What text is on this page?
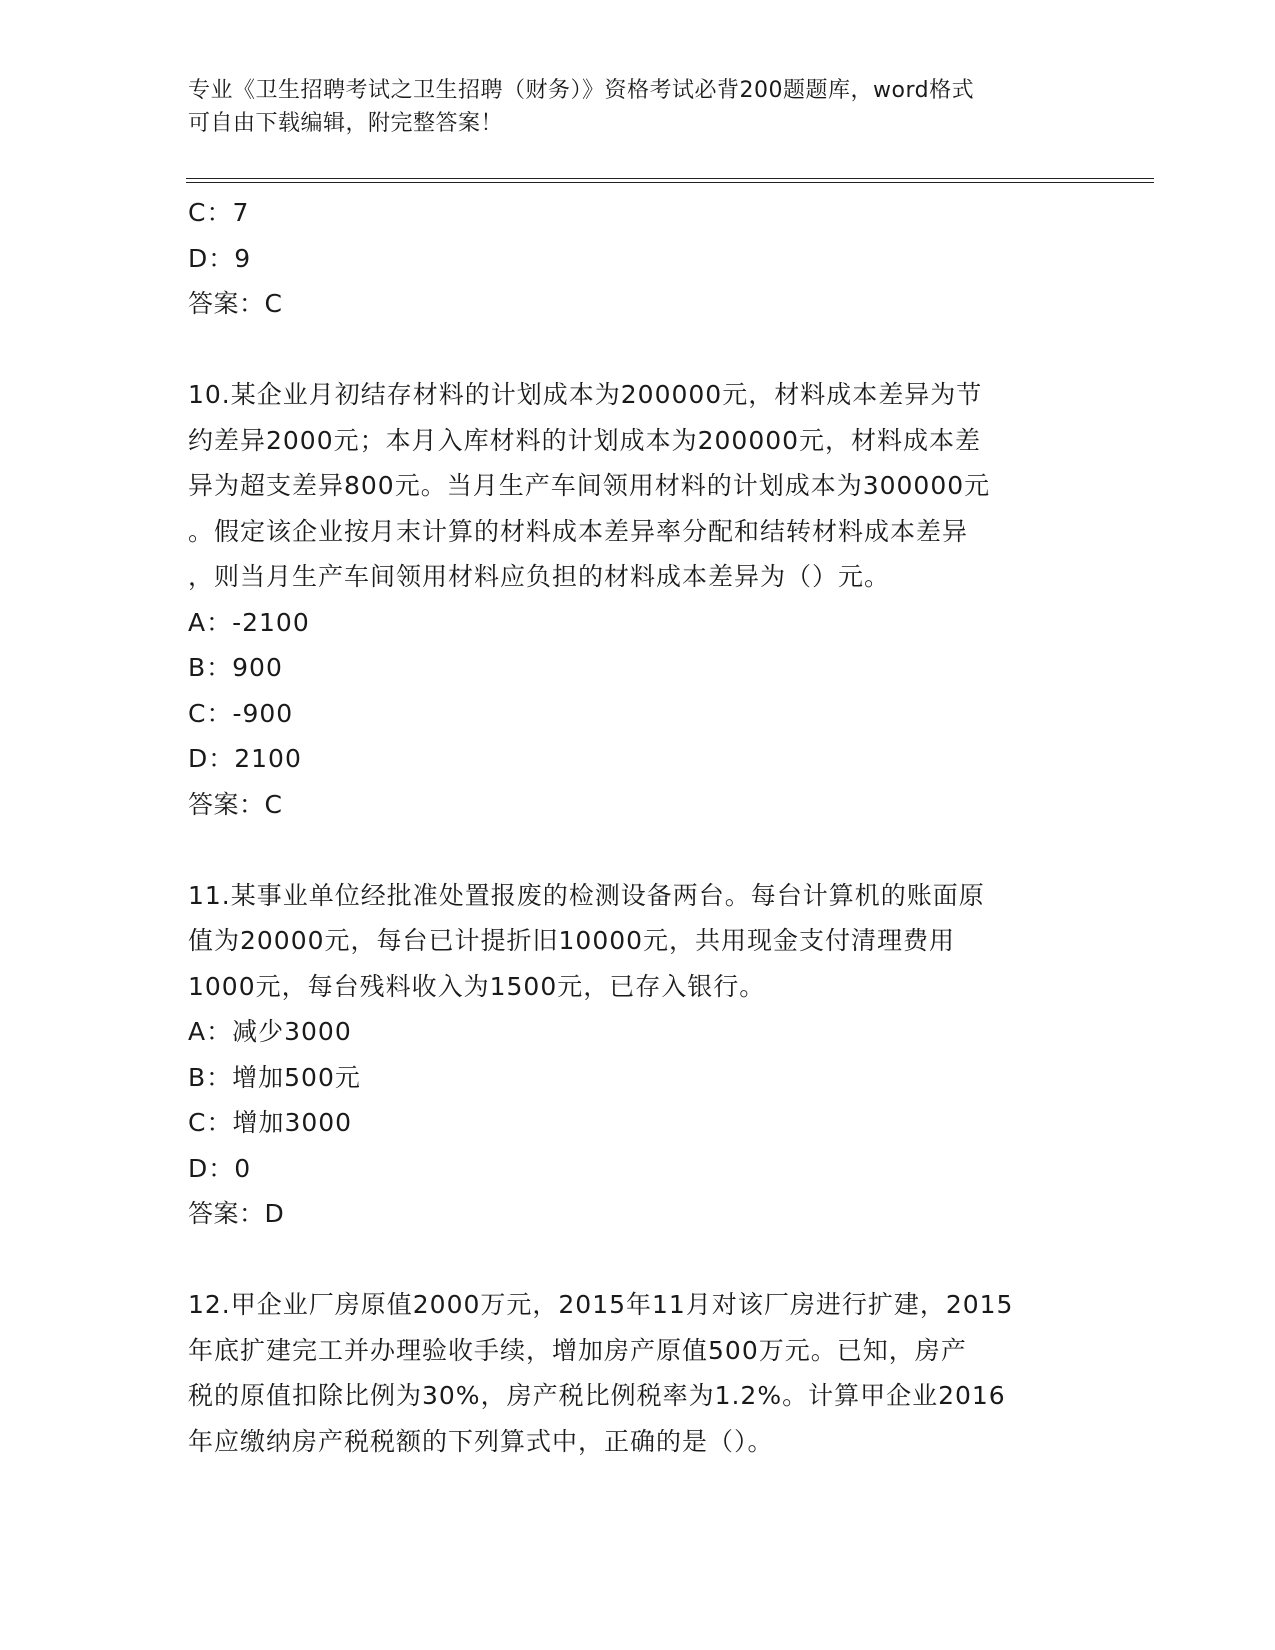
专业《卫生招聘考试之卫生招聘（财务）》资格考试必背200题题库，word格式
可自由下载编辑，附完整答案！
C：7
D：9
答案：C
10.某企业月初结存材料的计划成本为200000元，材料成本差异为节
约差异2000元；本月入库材料的计划成本为200000元，材料成本差
异为超支差异800元。当月生产车间领用材料的计划成本为300000元
。假定该企业按月末计算的材料成本差异率分配和结转材料成本差异
，则当月生产车间领用材料应负担的材料成本差异为（）元。
A：-2100
B：900
C：-900
D：2100
答案：C
11.某事业单位经批准处置报废的检测设备两台。每台计算机的账面原
值为20000元，每台已计提折旧10000元，共用现金支付清理费用
1000元，每台残料收入为1500元，已存入银行。
A：减少3000
B：增加500元
C：增加3000
D：0
答案：D
12.甲企业厂房原值2000万元，2015年11月对该厂房进行扩建，2015
年底扩建完工并办理验收手续，增加房产原值500万元。已知，房产
税的原值扣除比例为30%，房产税比例税率为1.2%。计算甲企业2016
年应缴纳房产税税额的下列算式中，正确的是（）。
